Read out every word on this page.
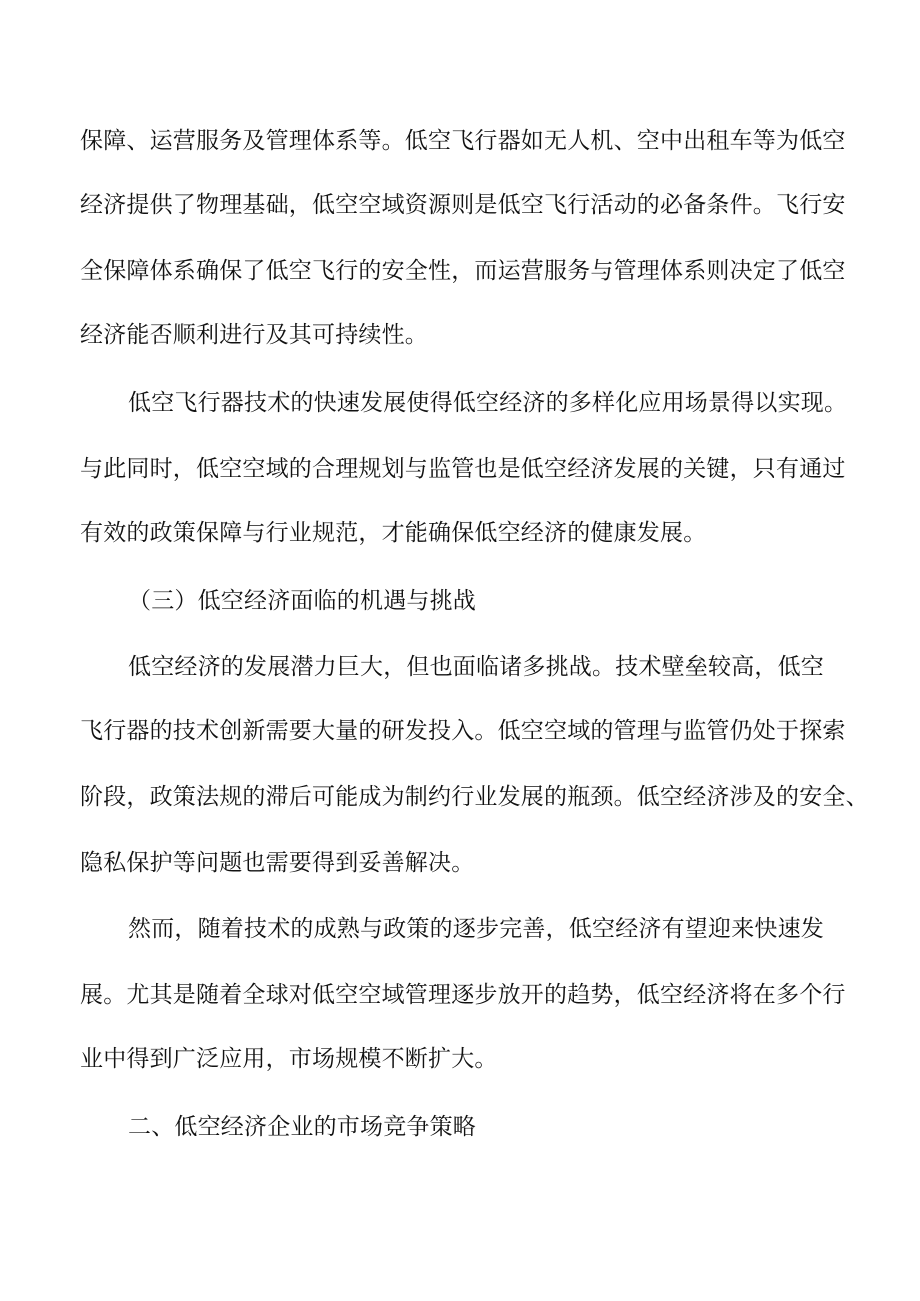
保障、运营服务及管理体系等。低空飞行器如无人机、空中出租车等为低空
经济提供了物理基础，低空空域资源则是低空飞行活动的必备条件。飞行安
全保障体系确保了低空飞行的安全性，而运营服务与管理体系则决定了低空
经济能否顺利进行及其可持续性。
低空飞行器技术的快速发展使得低空经济的多样化应用场景得以实现。
与此同时，低空空域的合理规划与监管也是低空经济发展的关键，只有通过
有效的政策保障与行业规范，才能确保低空经济的健康发展。
（三）低空经济面临的机遇与挑战
低空经济的发展潜力巨大，但也面临诸多挑战。技术壁垒较高，低空
飞行器的技术创新需要大量的研发投入。低空空域的管理与监管仍处于探索
阶段，政策法规的滞后可能成为制约行业发展的瓶颈。低空经济涉及的安全、
隐私保护等问题也需要得到妥善解决。
然而，随着技术的成熟与政策的逐步完善，低空经济有望迎来快速发
展。尤其是随着全球对低空空域管理逐步放开的趋势，低空经济将在多个行
业中得到广泛应用，市场规模不断扩大。
二、低空经济企业的市场竞争策略
